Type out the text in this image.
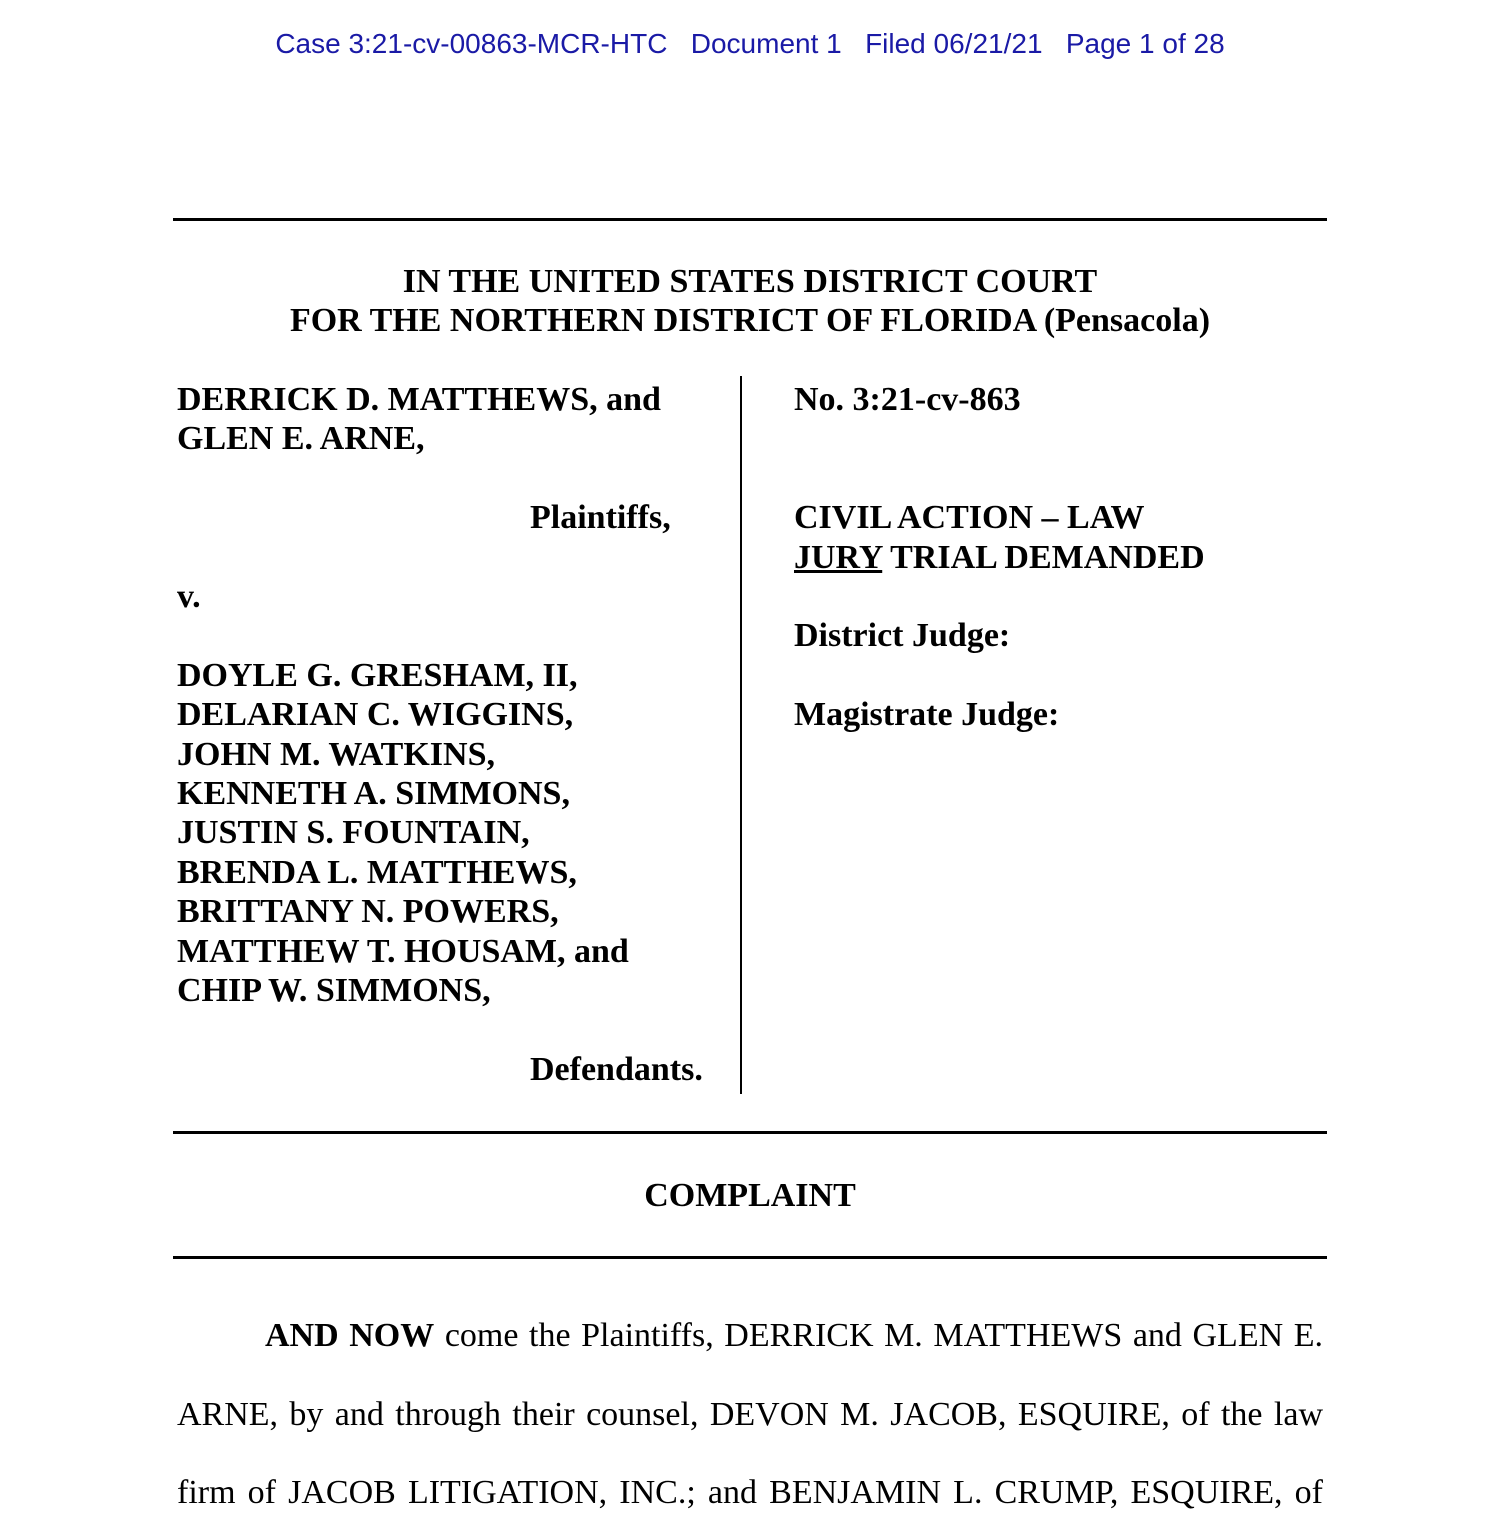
Case 3:21-cv-00863-MCR-HTC   Document 1   Filed 06/21/21   Page 1 of 28
IN THE UNITED STATES DISTRICT COURT
FOR THE NORTHERN DISTRICT OF FLORIDA (Pensacola)
DERRICK D. MATTHEWS, and
GLEN E. ARNE,
Plaintiffs,
v.
DOYLE G. GRESHAM, II,
DELARIAN C. WIGGINS,
JOHN M. WATKINS,
KENNETH A. SIMMONS,
JUSTIN S. FOUNTAIN,
BRENDA L. MATTHEWS,
BRITTANY N. POWERS,
MATTHEW T. HOUSAM, and
CHIP W. SIMMONS,
Defendants.
No. 3:21-cv-863
CIVIL ACTION – LAW
JURY TRIAL DEMANDED
District Judge:
Magistrate Judge:
COMPLAINT
AND NOW come the Plaintiffs, DERRICK M. MATTHEWS and GLEN E.
ARNE, by and through their counsel, DEVON M. JACOB, ESQUIRE, of the law
firm of JACOB LITIGATION, INC.; and BENJAMIN L. CRUMP, ESQUIRE, of
